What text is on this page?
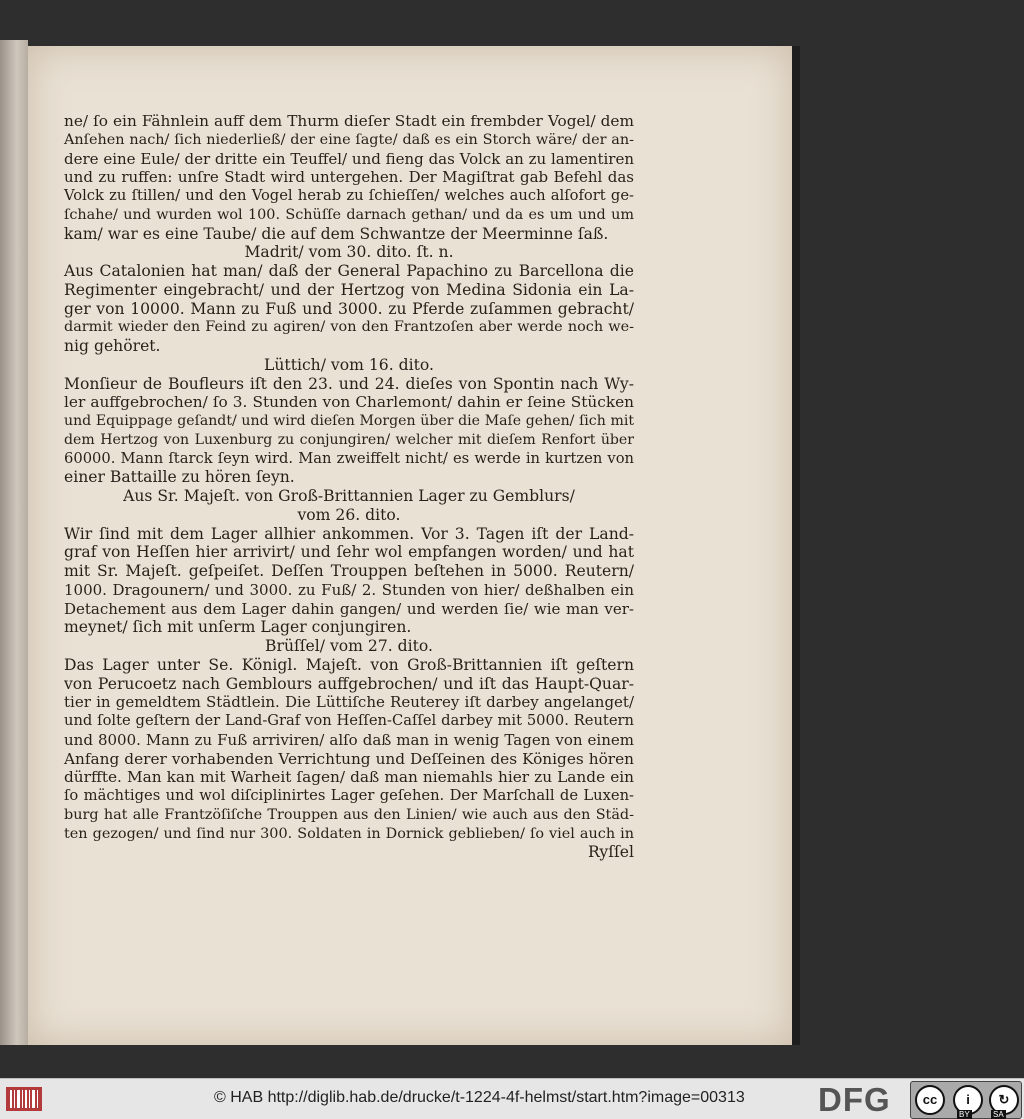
ne/ ſo ein Fähnlein auff dem Thurm dieſer Stadt ein frembder Vogel/ dem
Anſehen nach/ ſich niederließ/ der eine ſagte/ daß es ein Storch wäre/ der an-
dere eine Eule/ der dritte ein Teuffel/ und fieng das Volck an zu lamentiren
und zu ruffen: unſre Stadt wird untergehen. Der Magiſtrat gab Befehl das
Volck zu ſtillen/ und den Vogel herab zu ſchieſſen/ welches auch alſofort ge-
ſchahe/ und wurden wol 100. Schüſſe darnach gethan/ und da es um und um
kam/ war es eine Taube/ die auf dem Schwantze der Meerminne ſaß.
Madrit/ vom 30. dito. ſt. n.
Aus Catalonien hat man/ daß der General Papachino zu Barcellona die
Regimenter eingebracht/ und der Hertzog von Medina Sidonia ein La-
ger von 10000. Mann zu Fuß und 3000. zu Pferde zuſammen gebracht/
darmit wieder den Feind zu agiren/ von den Frantzoſen aber werde noch we-
nig gehöret.
Lüttich/ vom 16. dito.
Monſieur de Boufleurs iſt den 23. und 24. dieſes von Spontin nach Wy-
ler auffgebrochen/ ſo 3. Stunden von Charlemont/ dahin er ſeine Stücken
und Equippage geſandt/ und wird dieſen Morgen über die Maſe gehen/ ſich mit
dem Hertzog von Luxenburg zu conjungiren/ welcher mit dieſem Renfort über
60000. Mann ſtarck ſeyn wird. Man zweiffelt nicht/ es werde in kurtzen von
einer Battaille zu hören ſeyn.
Aus Sr. Majeſt. von Groß-Brittannien Lager zu Gemblurs/
vom 26. dito.
Wir ſind mit dem Lager allhier ankommen. Vor 3. Tagen iſt der Land-
graf von Heſſen hier arrivirt/ und ſehr wol empfangen worden/ und hat
mit Sr. Majeſt. geſpeiſet. Deſſen Trouppen beſtehen in 5000. Reutern/
1000. Dragounern/ und 3000. zu Fuß/ 2. Stunden von hier/ deßhalben ein
Detachement aus dem Lager dahin gangen/ und werden ſie/ wie man ver-
meynet/ ſich mit unſerm Lager conjungiren.
Brüſſel/ vom 27. dito.
Das Lager unter Se. Königl. Majeſt. von Groß-Brittannien iſt geſtern
von Perucoetz nach Gemblours auffgebrochen/ und iſt das Haupt-Quar-
tier in gemeldtem Städtlein. Die Lüttiſche Reuterey iſt darbey angelanget/
und ſolte geſtern der Land-Graf von Heſſen-Caſſel darbey mit 5000. Reutern
und 8000. Mann zu Fuß arriviren/ alſo daß man in wenig Tagen von einem
Anfang derer vorhabenden Verrichtung und Deſſeinen des Königes hören
dürffte. Man kan mit Warheit ſagen/ daß man niemahls hier zu Lande ein
ſo mächtiges und wol diſciplinirtes Lager geſehen. Der Marſchall de Luxen-
burg hat alle Frantzöſiſche Trouppen aus den Linien/ wie auch aus den Städ-
ten gezogen/ und ſind nur 300. Soldaten in Dornick geblieben/ ſo viel auch in
Ryſſel
© HAB http://diglib.hab.de/drucke/t-1224-4f-helmst/start.htm?image=00313 DFG	cc	i	↻
BY	SA
